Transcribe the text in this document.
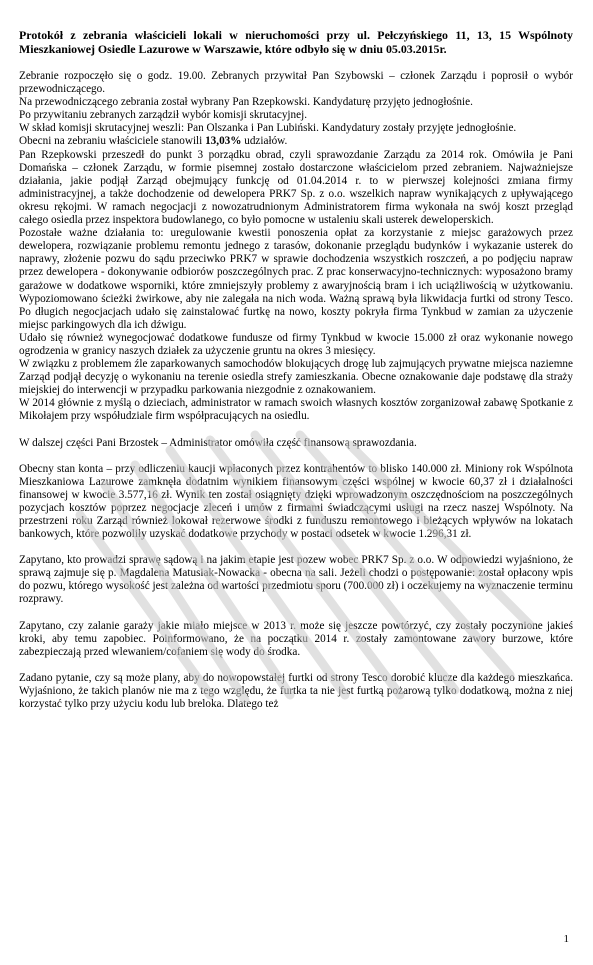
Protokół z zebrania właścicieli lokali w nieruchomości przy ul. Pełczyńskiego 11, 13, 15 Wspólnoty Mieszkaniowej Osiedle Lazurowe w Warszawie, które odbyło się w dniu 05.03.2015r.

Zebranie rozpoczęło się o godz. 19.00. Zebranych przywitał Pan Szybowski – członek Zarządu i poprosił o wybór przewodniczącego.

Na przewodniczącego zebrania został wybrany Pan Rzepkowski. Kandydaturę przyjęto jednogłośnie.

Po przywitaniu zebranych zarządził wybór komisji skrutacyjnej.

W skład komisji skrutacyjnej weszli: Pan Olszanka i Pan Lubiński. Kandydatury zostały przyjęte jednogłośnie.

Obecni na zebraniu właściciele stanowili 13,03% udziałów.

Pan Rzepkowski przeszedł do punkt 3 porządku obrad, czyli sprawozdanie Zarządu za 2014 rok. Omówiła je Pani Domańska – członek Zarządu, w formie pisemnej zostało dostarczone właścicielom przed zebraniem. Najważniejsze działania, jakie podjął Zarząd obejmujący funkcję od 01.04.2014 r. to w pierwszej kolejności zmiana firmy administracyjnej, a także dochodzenie od dewelopera PRK7 Sp. z o.o. wszelkich napraw wynikających z upływającego okresu rękojmi. W ramach negocjacji z nowozatrudnionym Administratorem firma wykonała na swój koszt przegląd całego osiedla przez inspektora budowlanego, co było pomocne w ustaleniu skali usterek deweloperskich.

Pozostałe ważne działania to: uregulowanie kwestii ponoszenia opłat za korzystanie z miejsc garażowych przez dewelopera, rozwiązanie problemu remontu jednego z tarasów, dokonanie przeglądu budynków i wykazanie usterek do naprawy, złożenie pozwu do sądu przeciwko PRK7 w sprawie dochodzenia wszystkich roszczeń, a po podjęciu napraw przez dewelopera - dokonywanie odbiorów poszczególnych prac. Z prac konserwacyjno-technicznych: wyposażono bramy garażowe w dodatkowe wsporniki, które zmniejszyły problemy z awaryjnością bram i ich uciążliwością w użytkowaniu. Wypoziomowano ścieżki żwirkowe, aby nie zalegała na nich woda. Ważną sprawą była likwidacja furtki od strony Tesco. Po długich negocjacjach udało się zainstalować furtkę na nowo, koszty pokryła firma Tynkbud w zamian za użyczenie miejsc parkingowych dla ich dźwigu.

Udało się również wynegocjować dodatkowe fundusze od firmy Tynkbud w kwocie 15.000 zł oraz wykonanie nowego ogrodzenia w granicy naszych działek za użyczenie gruntu na okres 3 miesięcy.

W związku z problemem źle zaparkowanych samochodów blokujących drogę lub zajmujących prywatne miejsca naziemne Zarząd podjął decyzję o wykonaniu na terenie osiedla strefy zamieszkania. Obecne oznakowanie daje podstawę dla straży miejskiej do interwencji w przypadku parkowania niezgodnie z oznakowaniem.

W 2014 głównie z myślą o dzieciach, administrator w ramach swoich własnych kosztów zorganizował zabawę Spotkanie z Mikołajem przy współudziale firm współpracujących na osiedlu.

W dalszej części Pani Brzostek – Administrator omówiła część finansową sprawozdania.

Obecny stan konta – przy odliczeniu kaucji wpłaconych przez kontrahentów to blisko 140.000 zł. Miniony rok Wspólnota Mieszkaniowa Lazurowe zamknęła dodatnim wynikiem finansowym części wspólnej w kwocie 60,37 zł i działalności finansowej w kwocie 3.577,16 zł. Wynik ten został osiągnięty dzięki wprowadzonym oszczędnościom na poszczególnych pozycjach kosztów poprzez negocjacje zleceń i umów z firmami świadczącymi usługi na rzecz naszej Wspólnoty. Na przestrzeni roku Zarząd również lokował rezerwowe środki z funduszu remontowego i bieżących wpływów na lokatach bankowych, które pozwoliły uzyskać dodatkowe przychody w postaci odsetek w kwocie 1.296,31 zł.

Zapytano, kto prowadzi sprawę sądową i na jakim etapie jest pozew wobec PRK7 Sp. z o.o. W odpowiedzi wyjaśniono, że sprawą zajmuje się p. Magdalena Matusiak-Nowacka - obecna na sali. Jeżeli chodzi o postępowanie: został opłacony wpis do pozwu, którego wysokość jest zależna od wartości przedmiotu sporu (700.000 zł) i oczekujemy na wyznaczenie terminu rozprawy.

Zapytano, czy zalanie garaży jakie miało miejsce w 2013 r. może się jeszcze powtórzyć, czy zostały poczynione jakieś kroki, aby temu zapobiec. Poinformowano, że na początku 2014 r. zostały zamontowane zawory burzowe, które zabezpieczają przed wlewaniem/cofaniem się wody do środka.

Zadano pytanie, czy są może plany, aby do nowopowstałej furtki od strony Tesco dorobić klucze dla każdego mieszkańca. Wyjaśniono, że takich planów nie ma z tego względu, że furtka ta nie jest furtką pożarową tylko dodatkową, można z niej korzystać tylko przy użyciu kodu lub breloka. Dlatego też

1
